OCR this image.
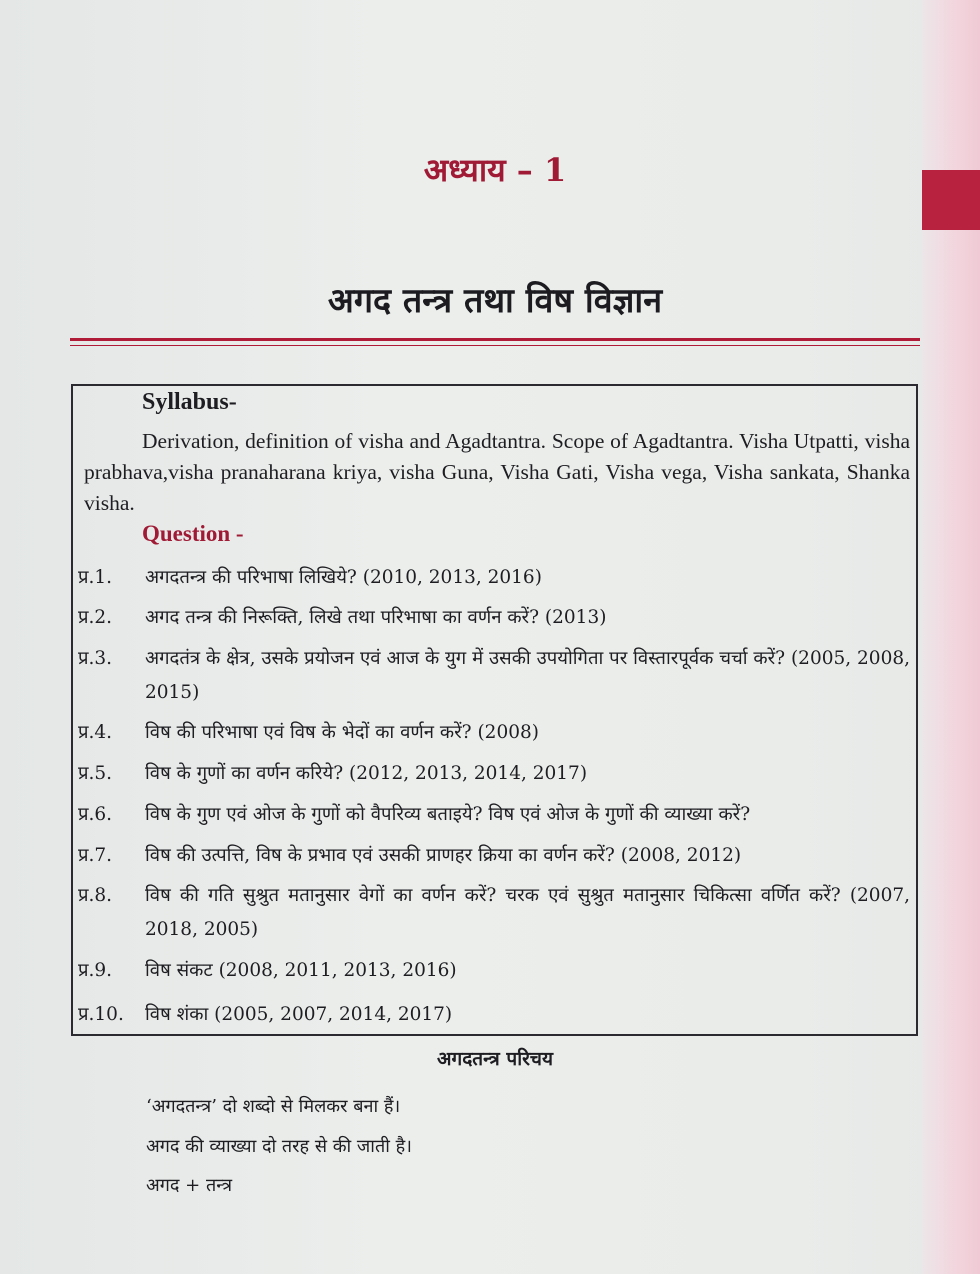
अध्याय – 1
अगद तन्त्र तथा विष विज्ञान
Syllabus-
Derivation, definition of visha and Agadtantra. Scope of Agadtantra. Visha Utpatti, visha prabhava,visha pranaharana kriya, visha Guna, Visha Gati, Visha vega, Visha sankata, Shanka visha.
Question -
प्र.1. अगदतन्त्र की परिभाषा लिखिये? (2010, 2013, 2016)
प्र.2. अगद तन्त्र की निरूक्ति, लिखे तथा परिभाषा का वर्णन करें? (2013)
प्र.3. अगदतंत्र के क्षेत्र, उसके प्रयोजन एवं आज के युग में उसकी उपयोगिता पर विस्तारपूर्वक चर्चा करें? (2005, 2008, 2015)
प्र.4. विष की परिभाषा एवं विष के भेदों का वर्णन करें? (2008)
प्र.5. विष के गुणों का वर्णन करिये? (2012, 2013, 2014, 2017)
प्र.6. विष के गुण एवं ओज के गुणों को वैपरिव्य बताइये? विष एवं ओज के गुणों की व्याख्या करें?
प्र.7. विष की उत्पत्ति, विष के प्रभाव एवं उसकी प्राणहर क्रिया का वर्णन करें? (2008, 2012)
प्र.8. विष की गति सुश्रुत मतानुसार वेगों का वर्णन करें? चरक एवं सुश्रुत मतानुसार चिकित्सा वर्णित करें? (2007, 2018, 2005)
प्र.9. विष संकट (2008, 2011, 2013, 2016)
प्र.10. विष शंका (2005, 2007, 2014, 2017)
अगदतन्त्र परिचय
‘अगदतन्त्र’ दो शब्दो से मिलकर बना हैं।
अगद की व्याख्या दो तरह से की जाती है।
अगद + तन्त्र
